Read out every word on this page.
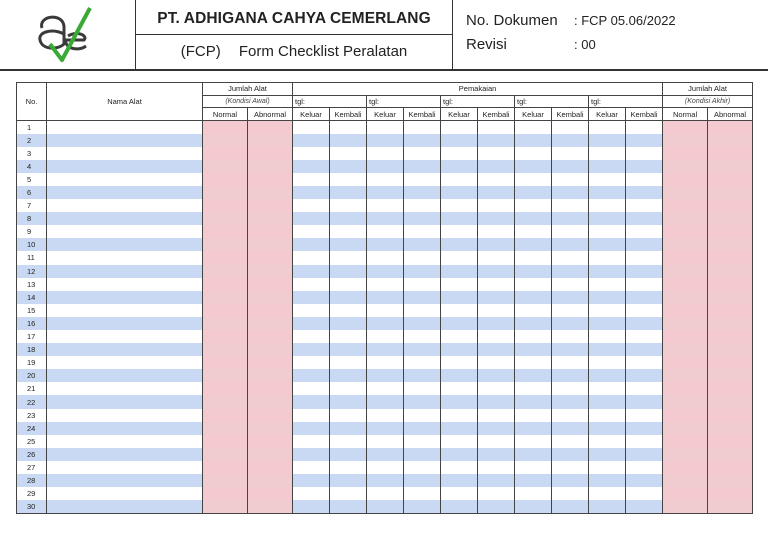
PT. ADHIGANA CAHYA CEMERLANG
(FCP) Form Checklist Peralatan
No. Dokumen : FCP 05.06/2022
Revisi	: 00
No.	Nama Alat	Jumlah Alat		Pemakaian										Jumlah Alat	
		(Kondisi Awal)		tgl:		tgl:		tgl:		tgl:		tgl:		(Kondisi Akhir)	
		Normal	Abnormal	Keluar	Kembali	Keluar	Kembali	Keluar	Kembali	Keluar	Kembali	Keluar	Kembali	Normal	Abnormal
1															
2															
3															
4															
5															
6															
7															
8															
9															
10															
11															
12															
13															
14															
15															
16															
17															
18															
19															
20															
21															
22															
23															
24															
25															
26															
27															
28															
29															
30															
